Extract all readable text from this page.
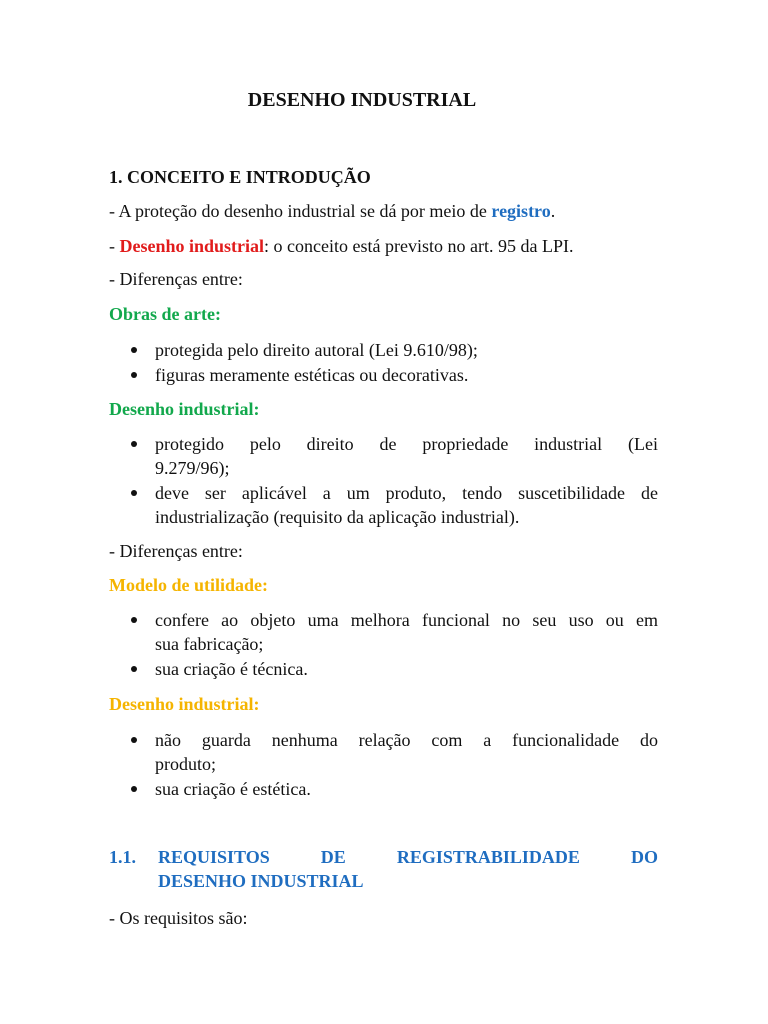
DESENHO INDUSTRIAL
1. CONCEITO E INTRODUÇÃO
- A proteção do desenho industrial se dá por meio de registro.
- Desenho industrial: o conceito está previsto no art. 95 da LPI.
- Diferenças entre:
Obras de arte:
protegida pelo direito autoral (Lei 9.610/98);
figuras meramente estéticas ou decorativas.
Desenho industrial:
protegido pelo direito de propriedade industrial (Lei
9.279/96);
deve ser aplicável a um produto, tendo suscetibilidade de
industrialização (requisito da aplicação industrial).
- Diferenças entre:
Modelo de utilidade:
confere ao objeto uma melhora funcional no seu uso ou em
sua fabricação;
sua criação é técnica.
Desenho industrial:
não guarda nenhuma relação com a funcionalidade do
produto;
sua criação é estética.
1.1. REQUISITOS DE REGISTRABILIDADE DO
DESENHO INDUSTRIAL
- Os requisitos são:
